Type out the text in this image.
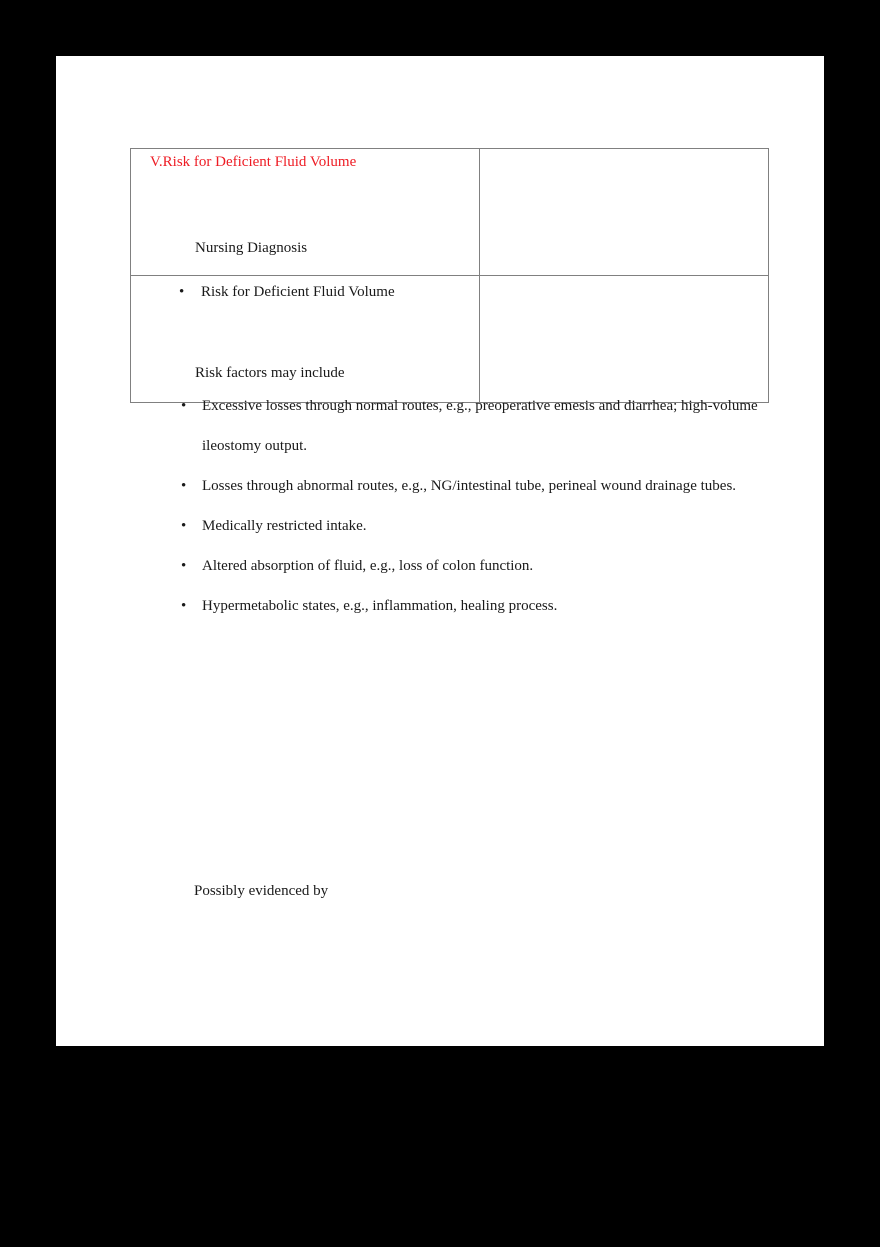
V.Risk for Deficient Fluid Volume
Nursing Diagnosis	

• Risk for Deficient Fluid Volume
Risk factors may include	

• Excessive losses through normal routes, e.g., preoperative emesis and diarrhea; high-volume ileostomy output.
• Losses through abnormal routes, e.g., NG/intestinal tube, perineal wound drainage tubes.
• Medically restricted intake.
• Altered absorption of fluid, e.g., loss of colon function.
• Hypermetabolic states, e.g., inflammation, healing process.
Possibly evidenced by
